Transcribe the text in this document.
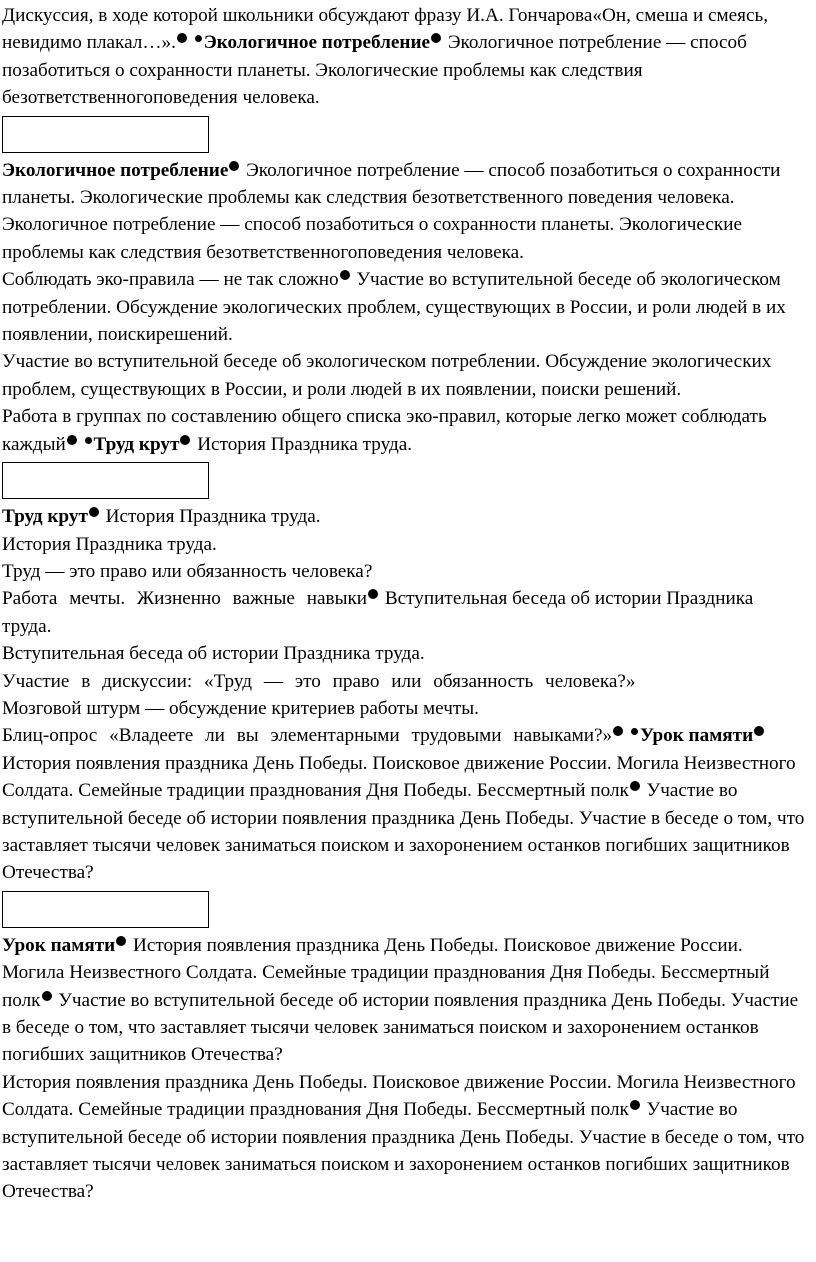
Дискуссия, в ходе которой школьники обсуждают фразу И.А. Гончарова«Он, смеша и смеясь, невидимо плакал…». Экологичное потребление Экологичное потребление — способ позаботиться о сохранности планеты. Экологические проблемы как следствия безответственногоповедения человека.

Экологичное потребление Экологичное потребление — способ позаботиться о сохранности планеты. Экологические проблемы как следствия безответственного поведения человека.

Экологичное потребление — способ позаботиться о сохранности планеты. Экологические проблемы как следствия безответственногоповедения человека.

Соблюдать эко-правила — не так сложно Участие во вступительной беседе об экологическом потреблении. Обсуждение экологических проблем, существующих в России, и роли людей в их появлении, поискирешений.

Участие во вступительной беседе об экологическом потреблении. Обсуждение экологических проблем, существующих в России, и роли людей в их появлении, поиски решений.

Работа в группах по составлению общего списка эко-правил, которые легко может соблюдать каждый Труд крут История Праздника труда.

Труд крут История Праздника труда.

История Праздника труда.

Труд — это право или обязанность человека?

Работа мечты. Жизненно важные навыки Вступительная беседа об истории Праздника труда.

Вступительная беседа об истории Праздника труда.

Участие в дискуссии: «Труд — это право или обязанность человека?»

Мозговой штурм — обсуждение критериев работы мечты.

Блиц-опрос «Владеете ли вы элементарными трудовыми навыками?» Урок памяти История появления праздника День Победы. Поисковое движение России. Могила Неизвестного Солдата. Семейные традиции празднования Дня Победы. Бессмертный полк Участие во вступительной беседе об истории появления праздника День Победы. Участие в беседе о том, что заставляет тысячи человек заниматься поиском и захоронением останков погибших защитников Отечества?

Урок памяти История появления праздника День Победы. Поисковое движение России. Могила Неизвестного Солдата. Семейные традиции празднования Дня Победы. Бессмертный полк Участие во вступительной беседе об истории появления праздника День Победы. Участие в беседе о том, что заставляет тысячи человек заниматься поиском и захоронением останков погибших защитников Отечества?

История появления праздника День Победы. Поисковое движение России. Могила Неизвестного Солдата. Семейные традиции празднования Дня Победы. Бессмертный полк Участие во вступительной беседе об истории появления праздника День Победы. Участие в беседе о том, что заставляет тысячи человек заниматься поиском и захоронением останков погибших защитников Отечества?
